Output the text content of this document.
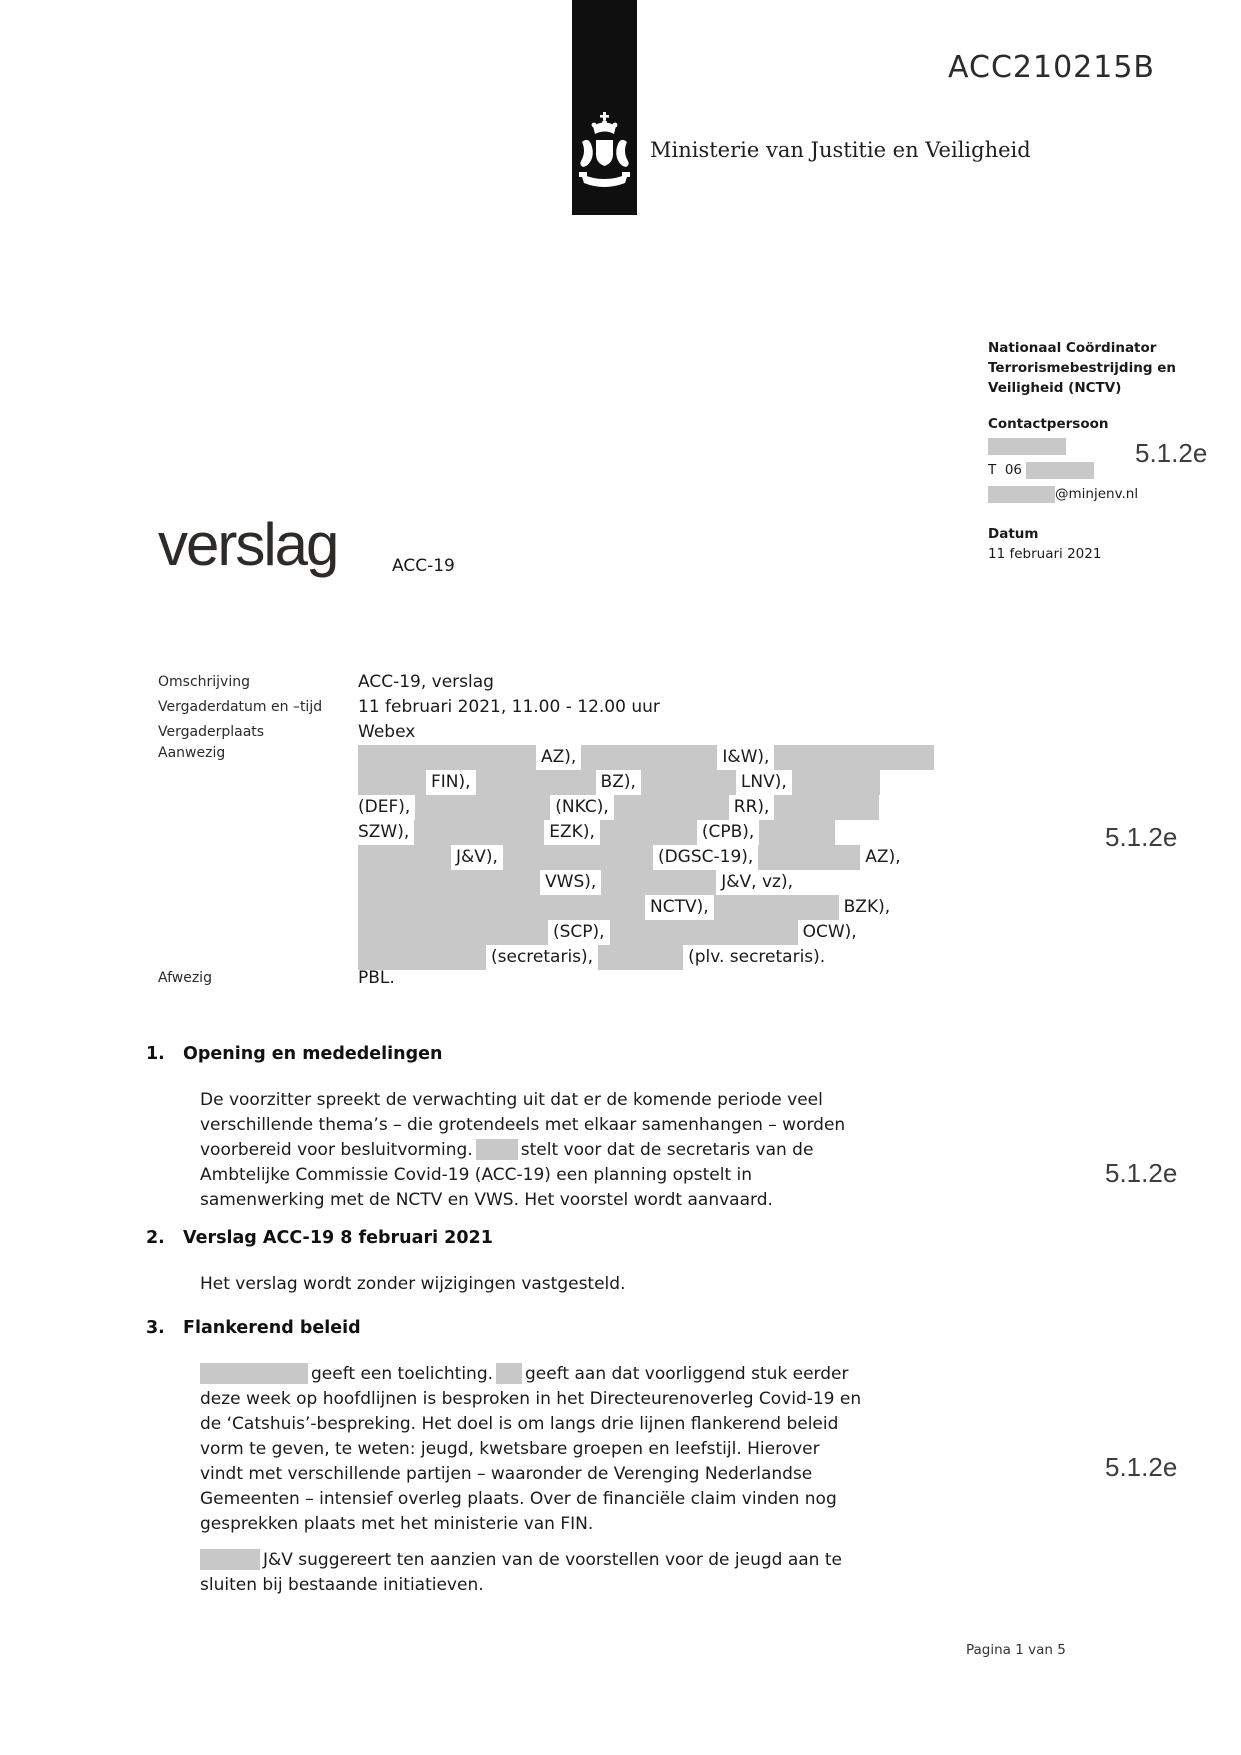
ACC210215B
Ministerie van Justitie en Veiligheid
Nationaal Coördinator
Terrorismebestrijding en
Veiligheid (NCTV)
Contactpersoon
T 06
@minjenv.nl
Datum
11 februari 2021
5.1.2e
5.1.2e
5.1.2e
5.1.2e
verslag	ACC-19
Omschrijving	ACC-19, verslag
Vergaderdatum en –tijd	11 februari 2021, 11.00 - 12.00 uur
Vergaderplaats	Webex
Aanwezig	AZ),	I&W),
FIN),	BZ),	LNV),
(DEF),	(NKC),	RR),
SZW),	EZK),	(CPB),
J&V),	(DGSC-19),	AZ),
VWS),	J&V, vz),
NCTV),	BZK),
(SCP),	OCW),
(secretaris),	(plv. secretaris).
Afwezig	PBL.
1. Opening en mededelingen
De voorzitter spreekt de verwachting uit dat er de komende periode veel
verschillende thema’s – die grotendeels met elkaar samenhangen – worden
voorbereid voor besluitvorming.	stelt voor dat de secretaris van de
Ambtelijke Commissie Covid-19 (ACC-19) een planning opstelt in
samenwerking met de NCTV en VWS. Het voorstel wordt aanvaard.
2. Verslag ACC-19 8 februari 2021
Het verslag wordt zonder wijzigingen vastgesteld.
3. Flankerend beleid
geeft een toelichting. geeft aan dat voorliggend stuk eerder
deze week op hoofdlijnen is besproken in het Directeurenoverleg Covid-19 en
de ‘Catshuis’-bespreking. Het doel is om langs drie lijnen flankerend beleid
vorm te geven, te weten: jeugd, kwetsbare groepen en leefstijl. Hierover
vindt met verschillende partijen – waaronder de Verenging Nederlandse
Gemeenten – intensief overleg plaats. Over de financiële claim vinden nog
gesprekken plaats met het ministerie van FIN.
J&V suggereert ten aanzien van de voorstellen voor de jeugd aan te
sluiten bij bestaande initiatieven.
Pagina 1 van 5
